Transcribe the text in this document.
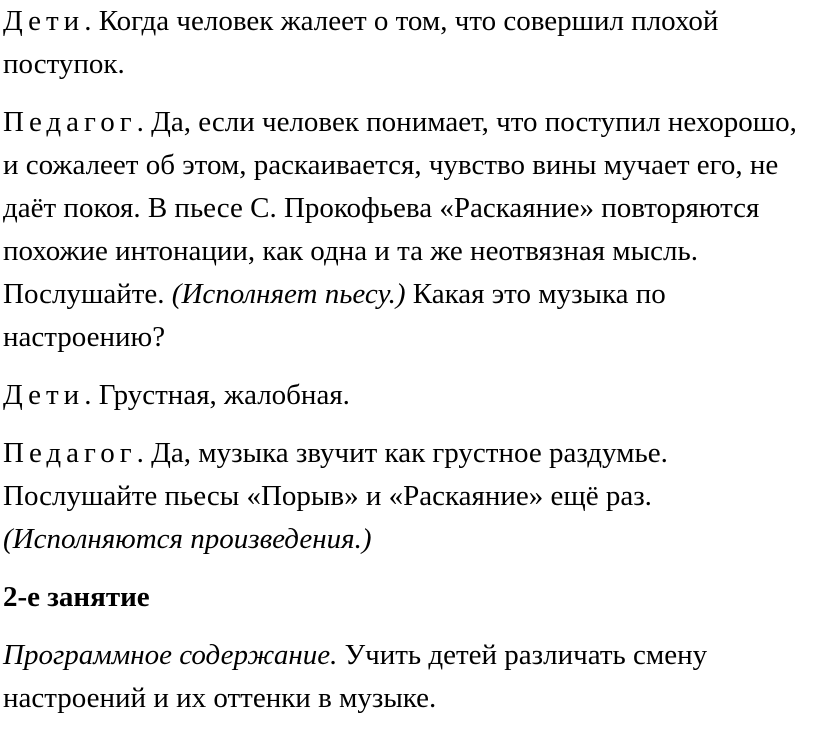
Дети. Когда человек жалеет о том, что совершил плохой поступок.

Педагог. Да, если человек понимает, что поступил нехорошо, и сожалеет об этом, раскаивается, чувство вины мучает его, не даёт покоя. В пьесе С. Прокофьева «Раскаяние» повторяются похожие интонации, как одна и та же неотвязная мысль. Послушайте. (Исполняет пьесу.) Какая это музыка по настроению?

Дети. Грустная, жалобная.

Педагог. Да, музыка звучит как грустное раздумье. Послушайте пьесы «Порыв» и «Раскаяние» ещё раз. (Исполняются произведения.)

2-е занятие

Программное содержание. Учить детей различать смену настроений и их оттенки в музыке.
